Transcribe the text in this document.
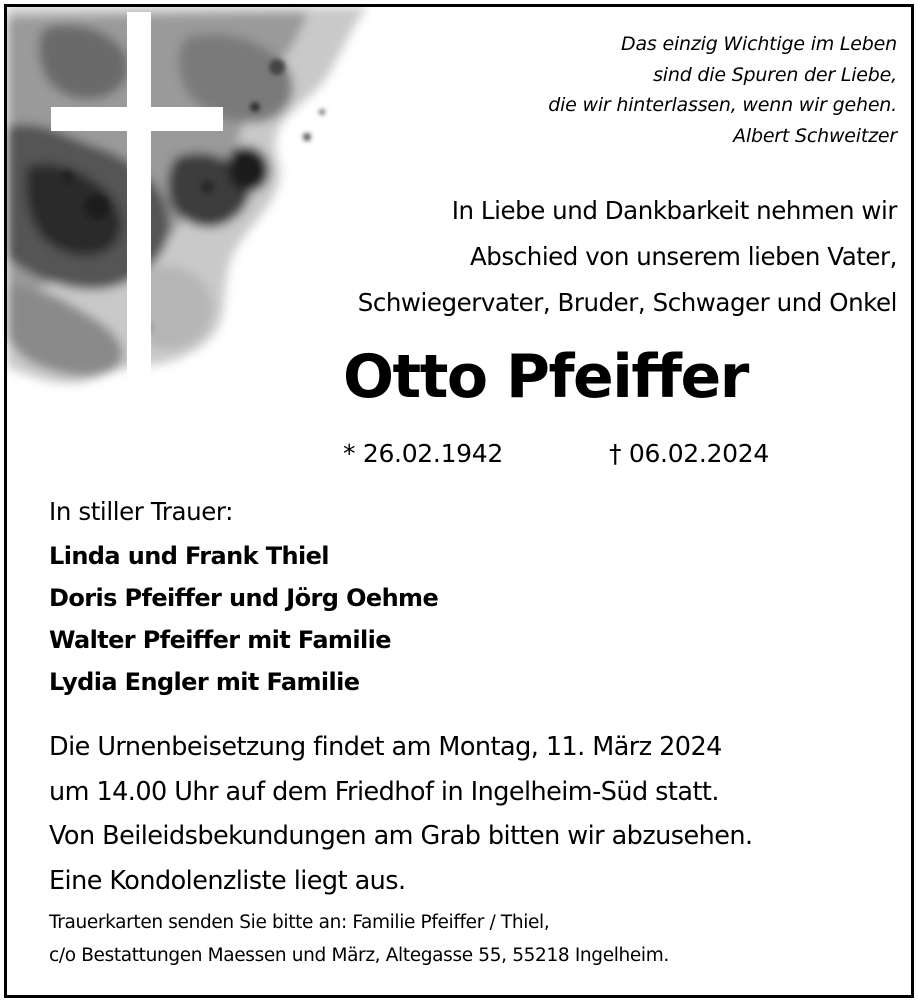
Das einzig Wichtige im Leben
sind die Spuren der Liebe,
die wir hinterlassen, wenn wir gehen.
Albert Schweitzer
In Liebe und Dankbarkeit nehmen wir
Abschied von unserem lieben Vater,
Schwiegervater, Bruder, Schwager und Onkel
Otto Pfeiffer
* 26.02.1942	† 06.02.2024
In stiller Trauer:
Linda und Frank Thiel
Doris Pfeiffer und Jörg Oehme
Walter Pfeiffer mit Familie
Lydia Engler mit Familie
Die Urnenbeisetzung findet am Montag, 11. März 2024
um 14.00 Uhr auf dem Friedhof in Ingelheim-Süd statt.
Von Beileidsbekundungen am Grab bitten wir abzusehen.
Eine Kondolenzliste liegt aus.
Trauerkarten senden Sie bitte an: Familie Pfeiffer / Thiel,
c/o Bestattungen Maessen und März, Altegasse 55, 55218 Ingelheim.
